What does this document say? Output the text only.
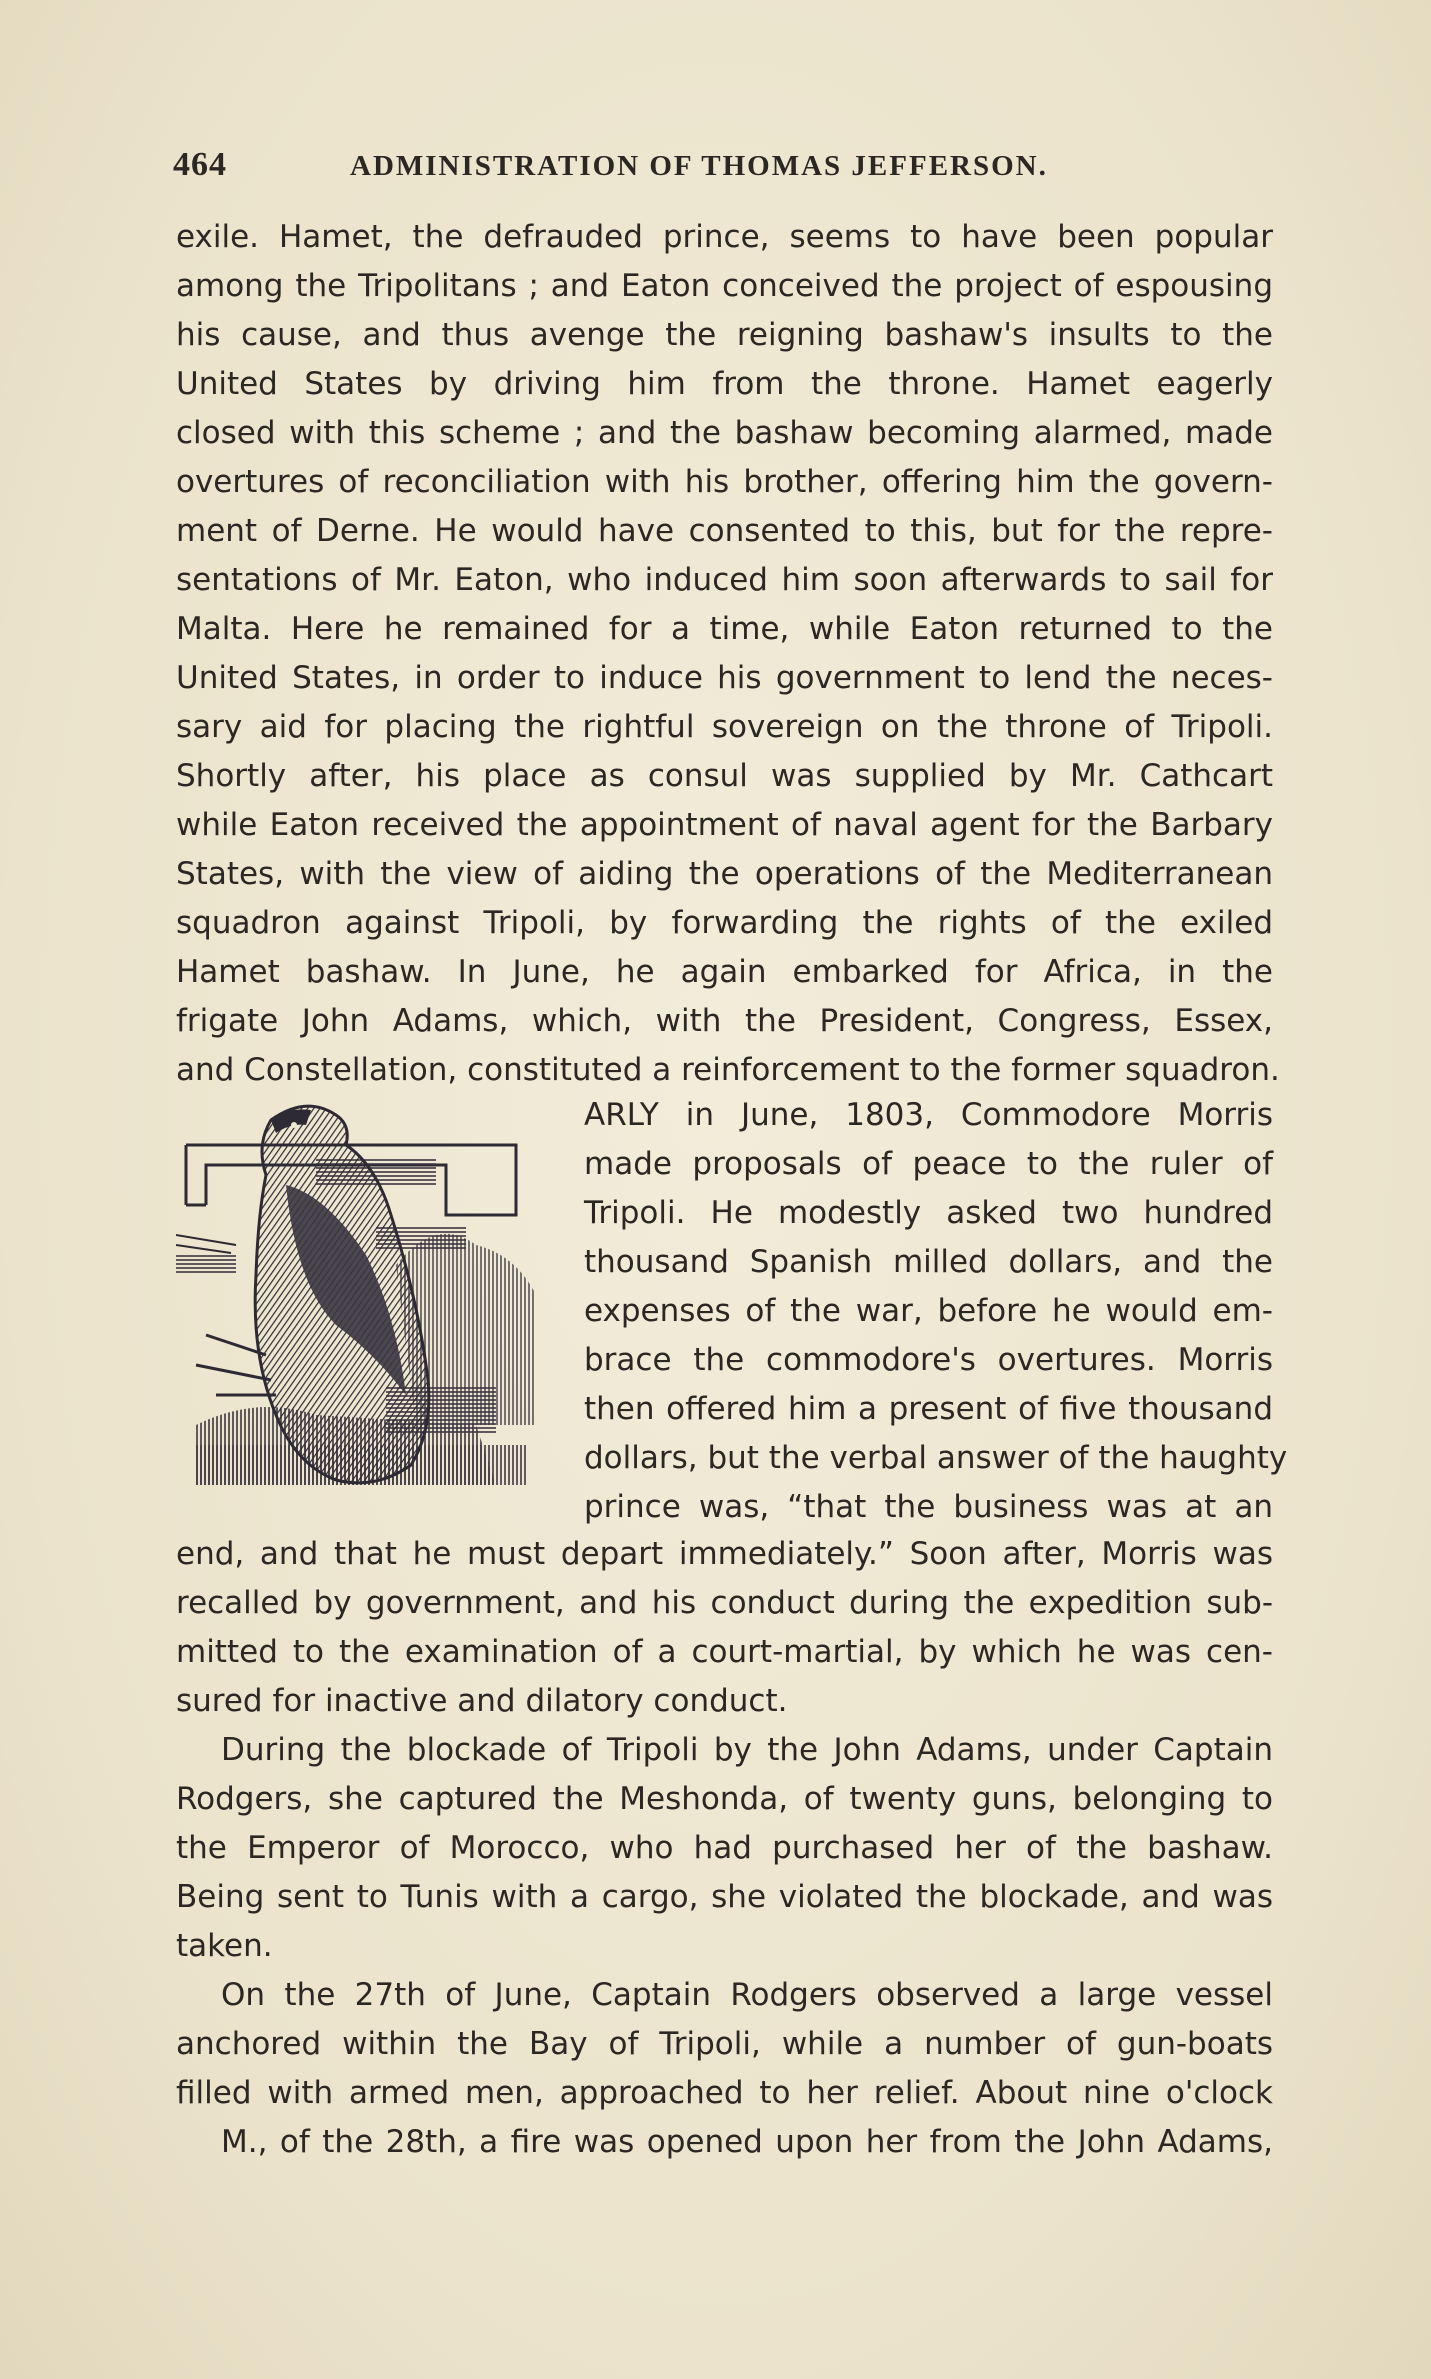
464	ADMINISTRATION OF THOMAS JEFFERSON.
exile. Hamet, the defrauded prince, seems to have been popular
among the Tripolitans ; and Eaton conceived the project of espousing
his cause, and thus avenge the reigning bashaw's insults to the
United States by driving him from the throne. Hamet eagerly
closed with this scheme ; and the bashaw becoming alarmed, made
overtures of reconciliation with his brother, offering him the govern-
ment of Derne. He would have consented to this, but for the repre-
sentations of Mr. Eaton, who induced him soon afterwards to sail for
Malta. Here he remained for a time, while Eaton returned to the
United States, in order to induce his government to lend the neces-
sary aid for placing the rightful sovereign on the throne of Tripoli.
Shortly after, his place as consul was supplied by Mr. Cathcart
while Eaton received the appointment of naval agent for the Barbary
States, with the view of aiding the operations of the Mediterranean
squadron against Tripoli, by forwarding the rights of the exiled
Hamet bashaw. In June, he again embarked for Africa, in the
frigate John Adams, which, with the President, Congress, Essex,
and Constellation, constituted a reinforcement to the former squadron.
ARLY in June, 1803, Commodore Morris
made proposals of peace to the ruler of
Tripoli. He modestly asked two hundred
thousand Spanish milled dollars, and the
expenses of the war, before he would em-
brace the commodore's overtures. Morris
then offered him a present of five thousand
dollars, but the verbal answer of the haughty
prince was, “that the business was at an
end, and that he must depart immediately.” Soon after, Morris was
recalled by government, and his conduct during the expedition sub-
mitted to the examination of a court-martial, by which he was cen-
sured for inactive and dilatory conduct.
During the blockade of Tripoli by the John Adams, under Captain
Rodgers, she captured the Meshonda, of twenty guns, belonging to
the Emperor of Morocco, who had purchased her of the bashaw.
Being sent to Tunis with a cargo, she violated the blockade, and was
taken.
On the 27th of June, Captain Rodgers observed a large vessel
anchored within the Bay of Tripoli, while a number of gun-boats
filled with armed men, approached to her relief. About nine o'clock
M., of the 28th, a fire was opened upon her from the John Adams,
